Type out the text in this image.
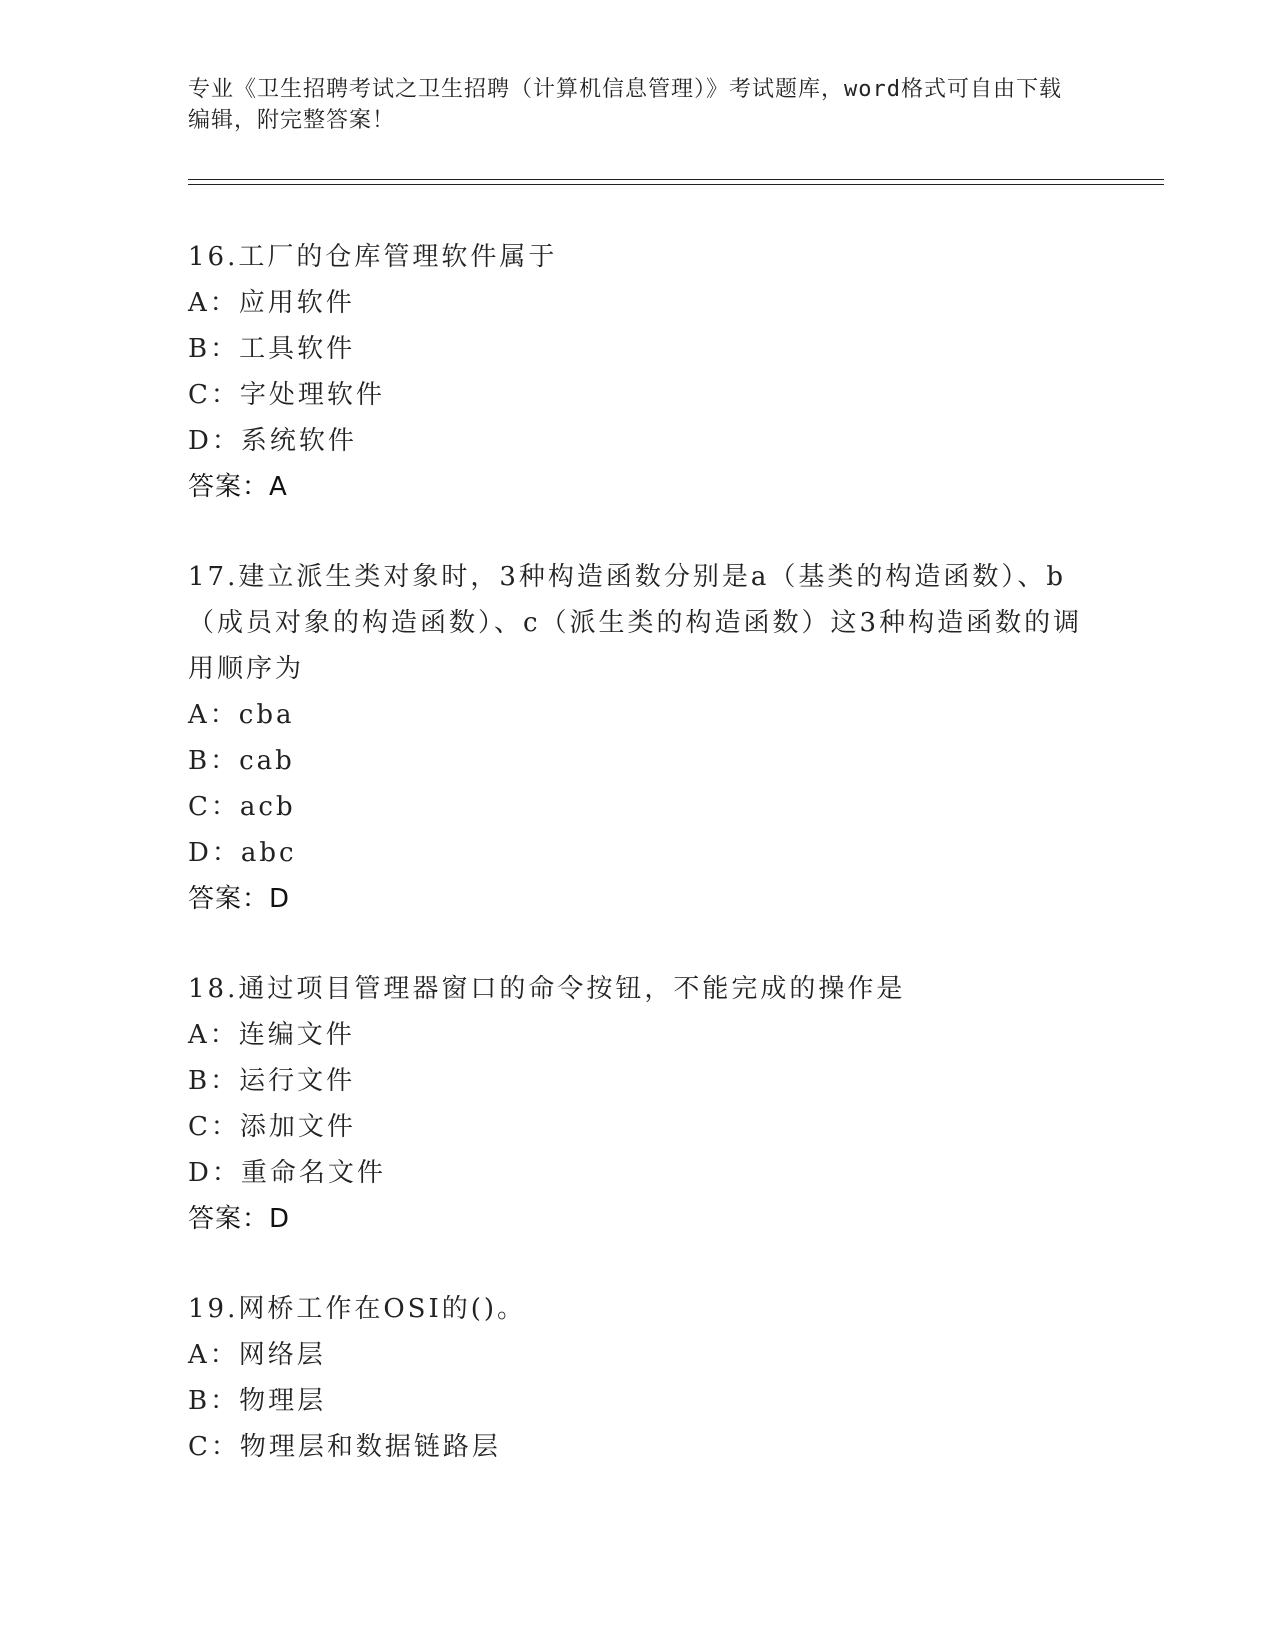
专业《卫生招聘考试之卫生招聘（计算机信息管理）》考试题库，word格式可自由下载编辑，附完整答案！
16.工厂的仓库管理软件属于
A：应用软件
B：工具软件
C：字处理软件
D：系统软件
答案：A
17.建立派生类对象时，3种构造函数分别是a（基类的构造函数）、b（成员对象的构造函数）、c（派生类的构造函数）这3种构造函数的调用顺序为
A：cba
B：cab
C：acb
D：abc
答案：D
18.通过项目管理器窗口的命令按钮，不能完成的操作是
A：连编文件
B：运行文件
C：添加文件
D：重命名文件
答案：D
19.网桥工作在OSI的()。
A：网络层
B：物理层
C：物理层和数据链路层
